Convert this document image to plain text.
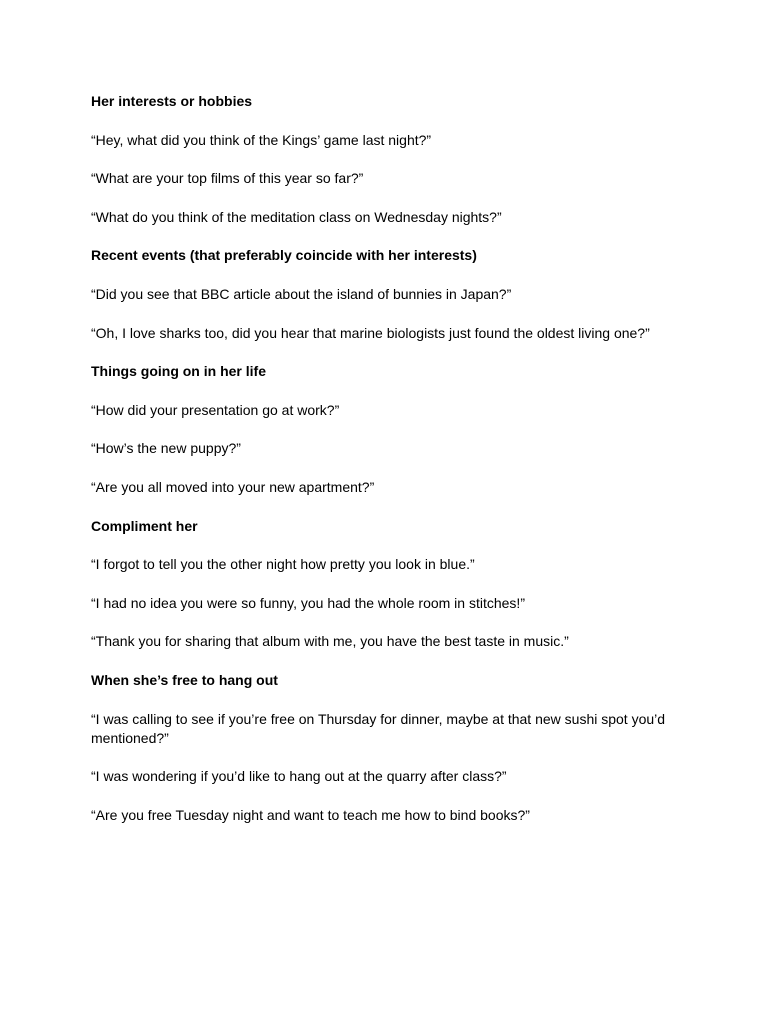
Her interests or hobbies

“Hey, what did you think of the Kings’ game last night?”

“What are your top films of this year so far?”

“What do you think of the meditation class on Wednesday nights?”

Recent events (that preferably coincide with her interests)

“Did you see that BBC article about the island of bunnies in Japan?”

“Oh, I love sharks too, did you hear that marine biologists just found the oldest living one?”

Things going on in her life

“How did your presentation go at work?”

“How’s the new puppy?”

“Are you all moved into your new apartment?”

Compliment her

“I forgot to tell you the other night how pretty you look in blue.”

“I had no idea you were so funny, you had the whole room in stitches!”

“Thank you for sharing that album with me, you have the best taste in music.”

When she’s free to hang out

“I was calling to see if you’re free on Thursday for dinner, maybe at that new sushi spot you’d mentioned?”

“I was wondering if you’d like to hang out at the quarry after class?”

“Are you free Tuesday night and want to teach me how to bind books?”
